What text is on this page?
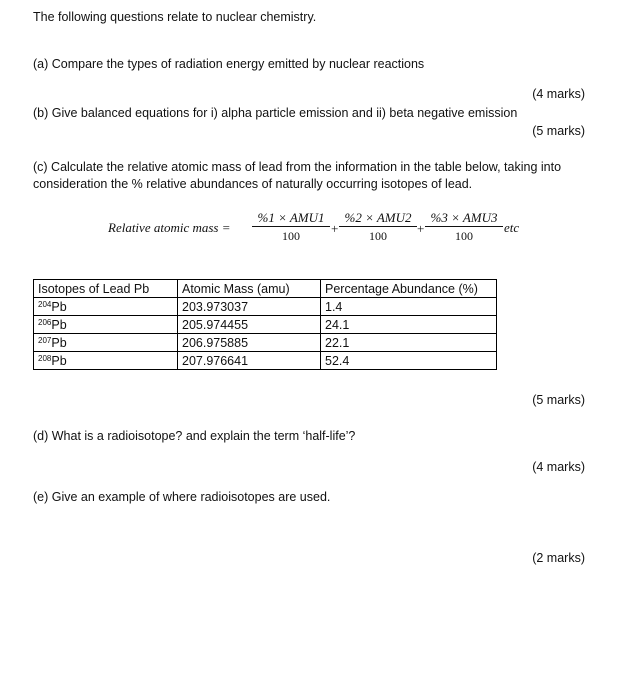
The following questions relate to nuclear chemistry.
(a) Compare the types of radiation energy emitted by nuclear reactions
(4 marks)
(b) Give balanced equations for i) alpha particle emission and ii) beta negative emission
(5 marks)
(c) Calculate the relative atomic mass of lead from the information in the table below, taking into
consideration the % relative abundances of naturally occurring isotopes of lead.
Relative atomic mass =
%1 × AMU1
100	+
%2 × AMU2
100	+
%3 × AMU3
100
etc
Isotopes of Lead Pb	Atomic Mass (amu)	Percentage Abundance (%)
$^{204}$Pb	203.973037	1.4
$^{206}$Pb	205.974455	24.1
$^{207}$Pb	206.975885	22.1
$^{208}$Pb	207.976641	52.4
(5 marks)
(d) What is a radioisotope? and explain the term ‘half-life’?
(4 marks)
(e) Give an example of where radioisotopes are used.
(2 marks)
